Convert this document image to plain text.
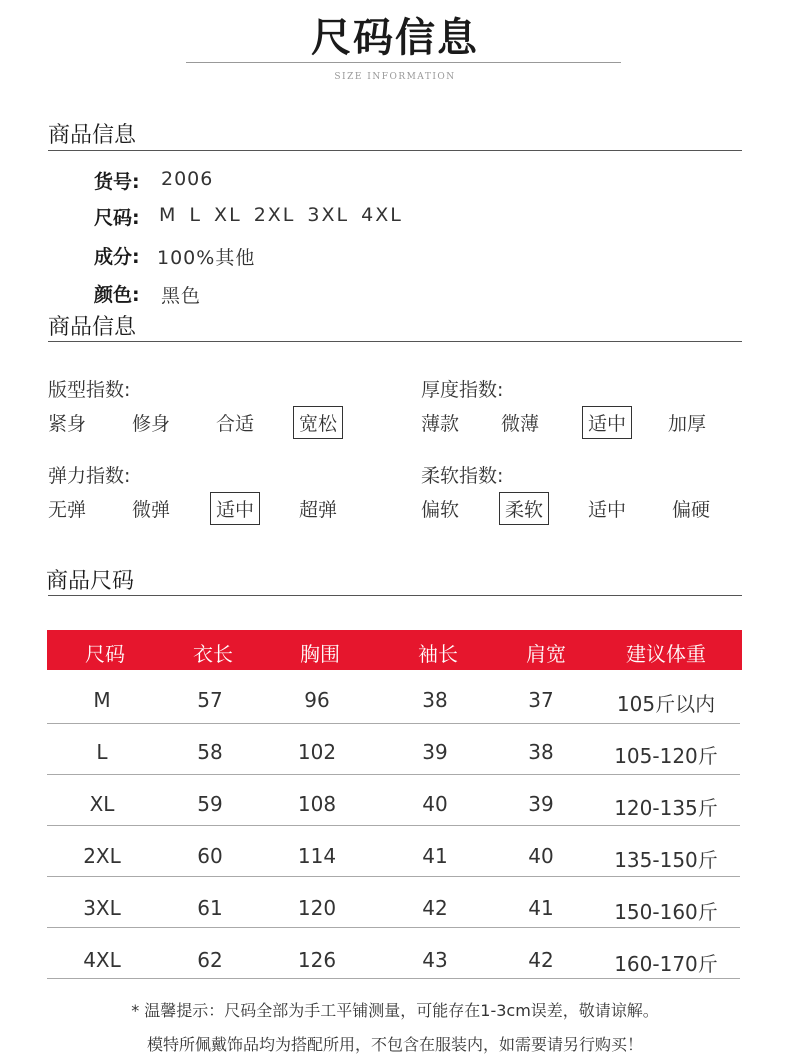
尺码信息
SIZE INFORMATION
商品信息
货号: 2006
尺码: M L XL 2XL 3XL 4XL
成分: 100%其他
颜色: 黑色
商品信息
版型指数:
紧身 修身 合适	宽松
厚度指数:
薄款 微薄	适中	加厚
弹力指数:
无弹 微弹	适中	超弹
柔软指数:
偏软	柔软	适中 偏硬
商品尺码
尺码	衣长	胸围	袖长	肩宽	建议体重
M	57	96	38	37	105斤以内
L	58	102	39	38	105-120斤
XL	59	108	40	39	120-135斤
2XL	60	114	41	40	135-150斤
3XL	61	120	42	41	150-160斤
4XL	62	126	43	42	160-170斤
* 温馨提示：尺码全部为手工平铺测量，可能存在1-3cm误差，敬请谅解。
模特所佩戴饰品均为搭配所用，不包含在服装内，如需要请另行购买！
